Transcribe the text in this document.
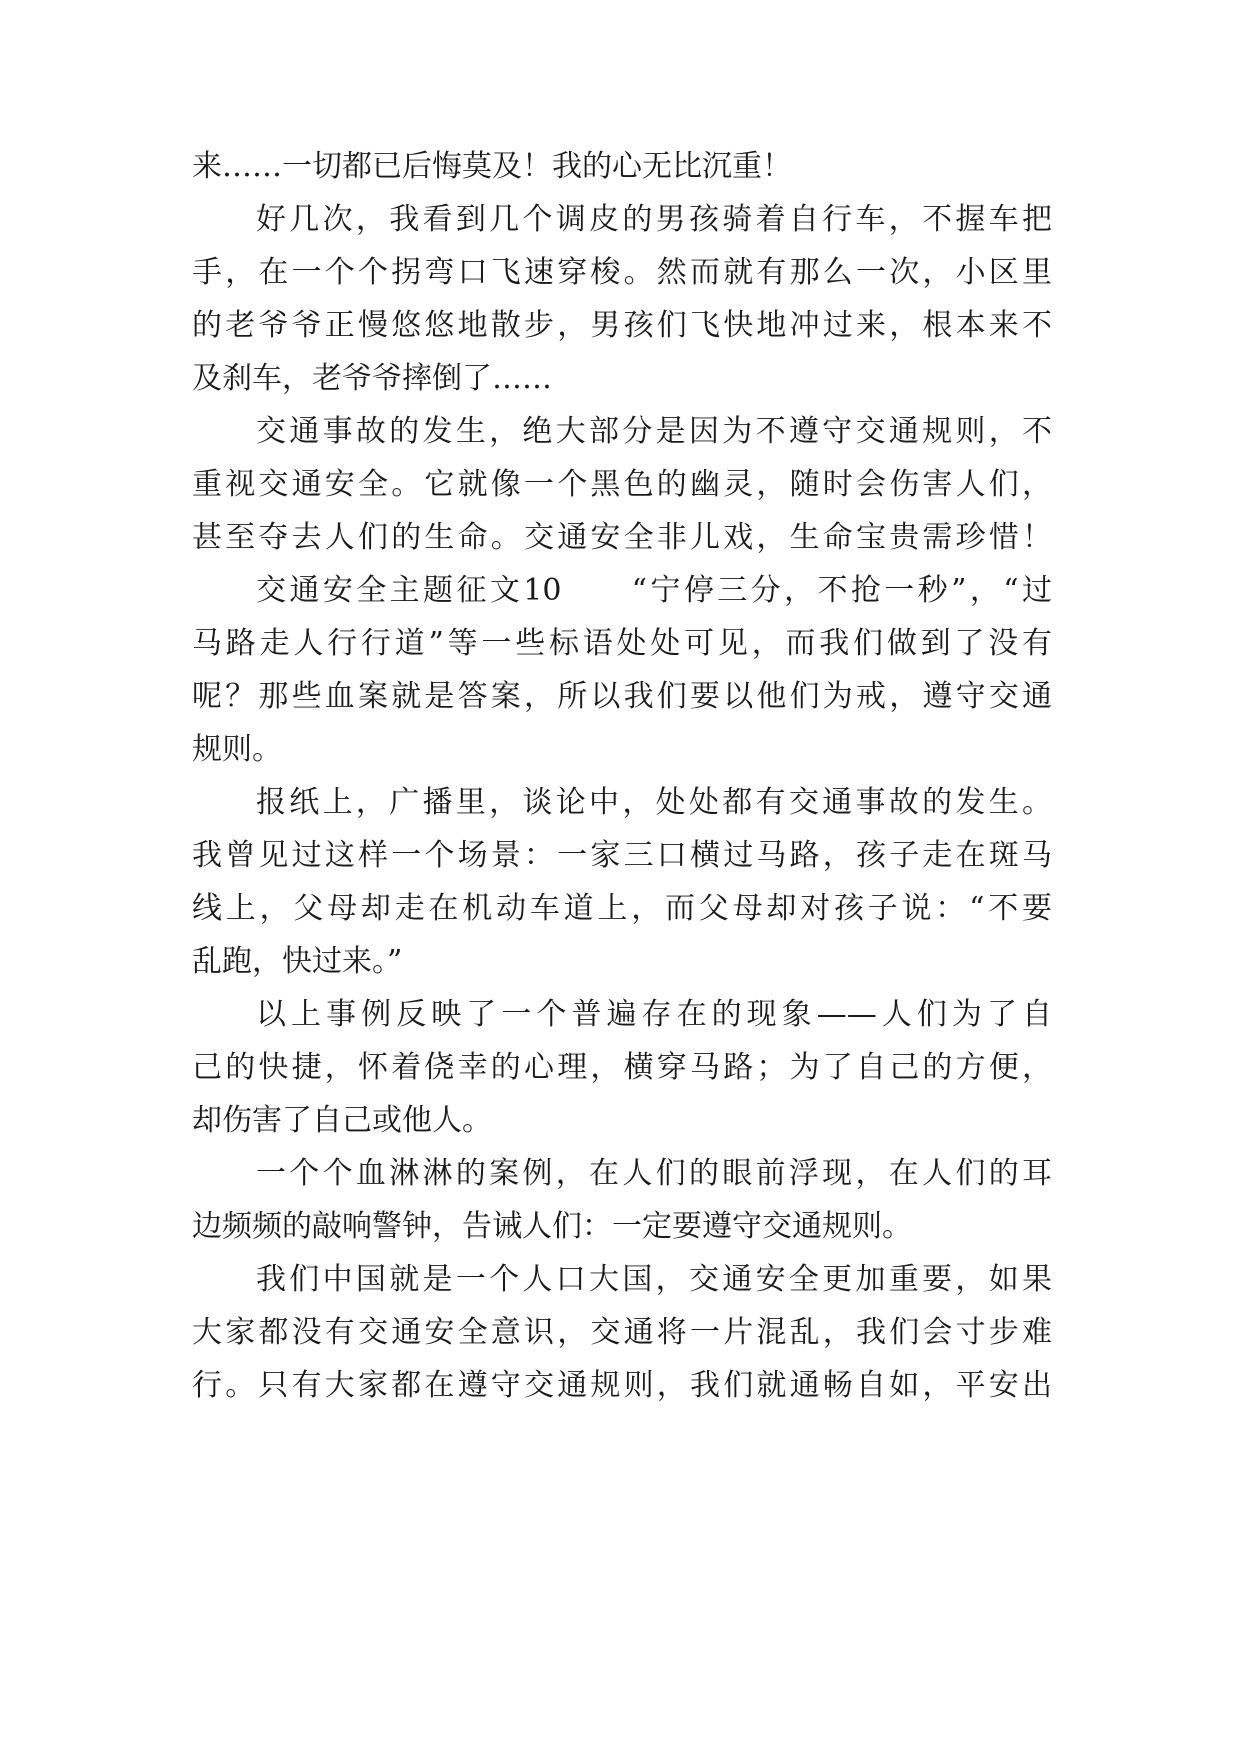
来……一切都已后悔莫及！我的心无比沉重！
好几次，我看到几个调皮的男孩骑着自行车，不握车把
手，在一个个拐弯口飞速穿梭。然而就有那么一次，小区里
的老爷爷正慢悠悠地散步，男孩们飞快地冲过来，根本来不
及刹车，老爷爷摔倒了……
交通事故的发生，绝大部分是因为不遵守交通规则，不
重视交通安全。它就像一个黑色的幽灵，随时会伤害人们，
甚至夺去人们的生命。交通安全非儿戏，生命宝贵需珍惜！
交通安全主题征文10　　“宁停三分，不抢一秒”，“过
马路走人行行道”等一些标语处处可见，而我们做到了没有
呢？那些血案就是答案，所以我们要以他们为戒，遵守交通
规则。
报纸上，广播里，谈论中，处处都有交通事故的发生。
我曾见过这样一个场景：一家三口横过马路，孩子走在斑马
线上，父母却走在机动车道上，而父母却对孩子说：“不要
乱跑，快过来。”
以上事例反映了一个普遍存在的现象——人们为了自
己的快捷，怀着侥幸的心理，横穿马路；为了自己的方便，
却伤害了自己或他人。
一个个血淋淋的案例，在人们的眼前浮现，在人们的耳
边频频的敲响警钟，告诫人们：一定要遵守交通规则。
我们中国就是一个人口大国，交通安全更加重要，如果
大家都没有交通安全意识，交通将一片混乱，我们会寸步难
行。只有大家都在遵守交通规则，我们就通畅自如，平安出
